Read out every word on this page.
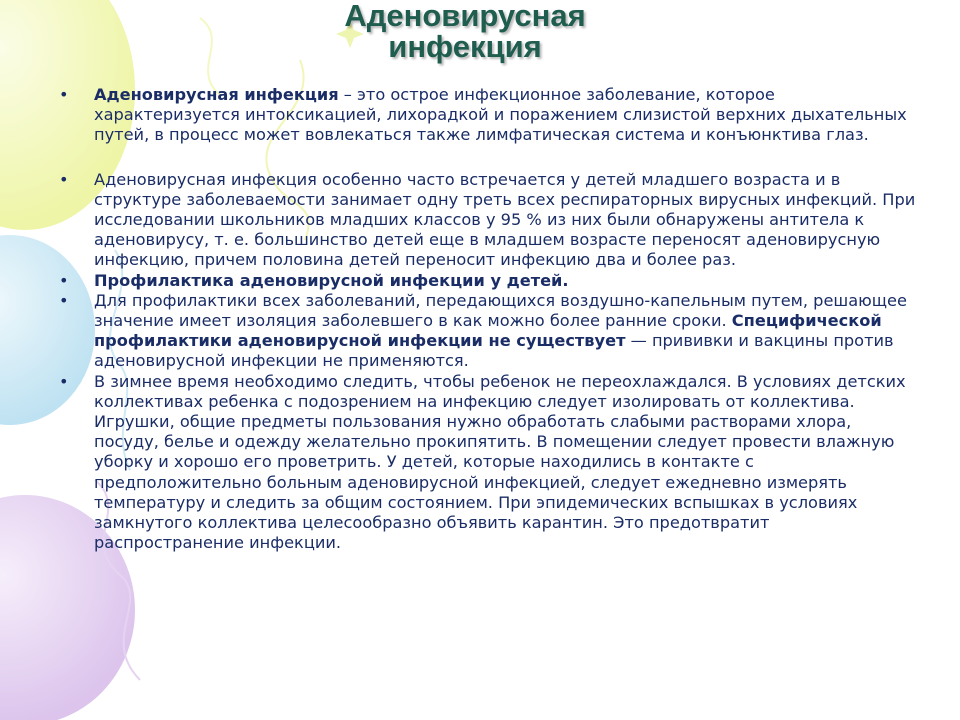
Аденовирусная
инфекция
• Аденовирусная инфекция – это острое инфекционное заболевание, которое характеризуется интоксикацией, лихорадкой и поражением слизистой верхних дыхательных путей, в процесс может вовлекаться также лимфатическая система и конъюнктива глаз.
• Аденовирусная инфекция особенно часто встречается у детей младшего возраста и в структуре заболеваемости занимает одну треть всех респираторных вирусных инфекций. При исследовании школьников младших классов у 95 % из них были обнаружены антитела к аденовирусу, т. е. большинство детей еще в младшем возрасте переносят аденовирусную инфекцию, причем половина детей переносит инфекцию два и более раз.
• Профилактика аденовирусной инфекции у детей.
• Для профилактики всех заболеваний, передающихся воздушно-капельным путем, решающее значение имеет изоляция заболевшего в как можно более ранние сроки. Специфической профилактики аденовирусной инфекции не существует — прививки и вакцины против аденовирусной инфекции не применяются.
• В зимнее время необходимо следить, чтобы ребенок не переохлаждался. В условиях детских коллективах ребенка с подозрением на инфекцию следует изолировать от коллектива. Игрушки, общие предметы пользования нужно обработать слабыми растворами хлора, посуду, белье и одежду желательно прокипятить. В помещении следует провести влажную уборку и хорошо его проветрить. У детей, которые находились в контакте с предположительно больным аденовирусной инфекцией, следует ежедневно измерять температуру и следить за общим состоянием. При эпидемических вспышках в условиях замкнутого коллектива целесообразно объявить карантин. Это предотвратит распространение инфекции.
